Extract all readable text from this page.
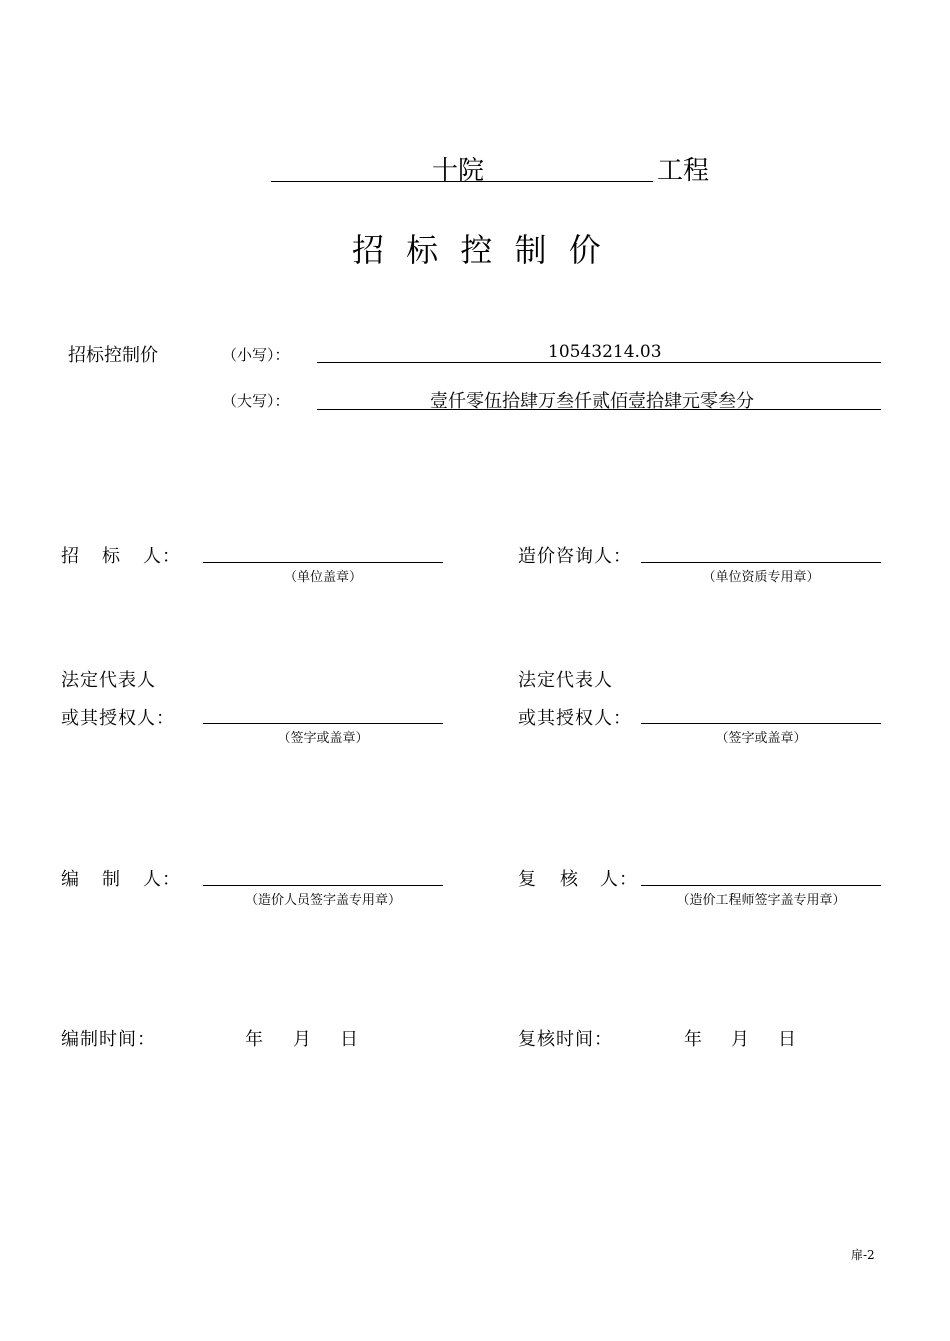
十院	工程
招 标 控 制 价
招标控制价	（小写）：	10543214.03
（大写）：	壹仟零伍拾肆万叁仟贰佰壹拾肆元零叁分
招 标 人：
（单位盖章）
造价咨询人：
（单位资质专用章）
法定代表人
或其授权人：
（签字或盖章）
法定代表人
或其授权人：
（签字或盖章）
编 制 人：
（造价人员签字盖专用章）
复 核 人：
（造价工程师签字盖专用章）
编制时间：	年 月 日	复核时间：	年 月 日
扉-2
